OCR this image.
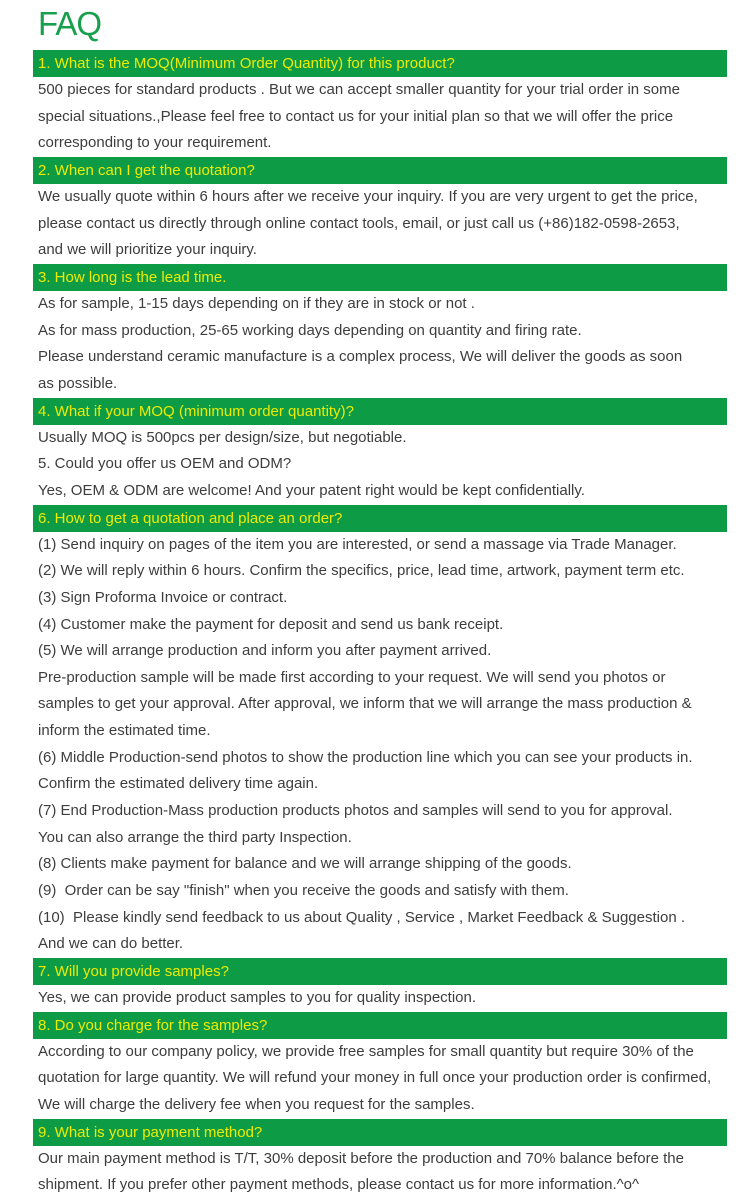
FAQ
1. What is the MOQ(Minimum Order Quantity) for this product?
500 pieces for standard products . But we can accept smaller quantity for your trial order in some
special situations.,Please feel free to contact us for your initial plan so that we will offer the price
corresponding to your requirement.
2. When can I get the quotation?
We usually quote within 6 hours after we receive your inquiry. If you are very urgent to get the price,
please contact us directly through online contact tools, email, or just call us (+86)182-0598-2653,
and we will prioritize your inquiry.
3. How long is the lead time.
As for sample, 1-15 days depending on if they are in stock or not .
As for mass production, 25-65 working days depending on quantity and firing rate.
Please understand ceramic manufacture is a complex process, We will deliver the goods as soon
as possible.
4. What if your MOQ (minimum order quantity)?
Usually MOQ is 500pcs per design/size, but negotiable.
5. Could you offer us OEM and ODM?
Yes, OEM & ODM are welcome! And your patent right would be kept confidentially.
6. How to get a quotation and place an order?
(1) Send inquiry on pages of the item you are interested, or send a massage via Trade Manager.
(2) We will reply within 6 hours. Confirm the specifics, price, lead time, artwork, payment term etc.
(3) Sign Proforma Invoice or contract.
(4) Customer make the payment for deposit and send us bank receipt.
(5) We will arrange production and inform you after payment arrived.
Pre-production sample will be made first according to your request. We will send you photos or
samples to get your approval. After approval, we inform that we will arrange the mass production &
inform the estimated time.
(6) Middle Production-send photos to show the production line which you can see your products in.
Confirm the estimated delivery time again.
(7) End Production-Mass production products photos and samples will send to you for approval.
You can also arrange the third party Inspection.
(8) Clients make payment for balance and we will arrange shipping of the goods.
(9)  Order can be say "finish" when you receive the goods and satisfy with them.
(10)  Please kindly send feedback to us about Quality , Service , Market Feedback & Suggestion .
And we can do better.
7. Will you provide samples?
Yes, we can provide product samples to you for quality inspection.
8. Do you charge for the samples?
According to our company policy, we provide free samples for small quantity but require 30% of the
quotation for large quantity. We will refund your money in full once your production order is confirmed,
We will charge the delivery fee when you request for the samples.
9. What is your payment method?
Our main payment method is T/T, 30% deposit before the production and 70% balance before the
shipment. If you prefer other payment methods, please contact us for more information.^o^
